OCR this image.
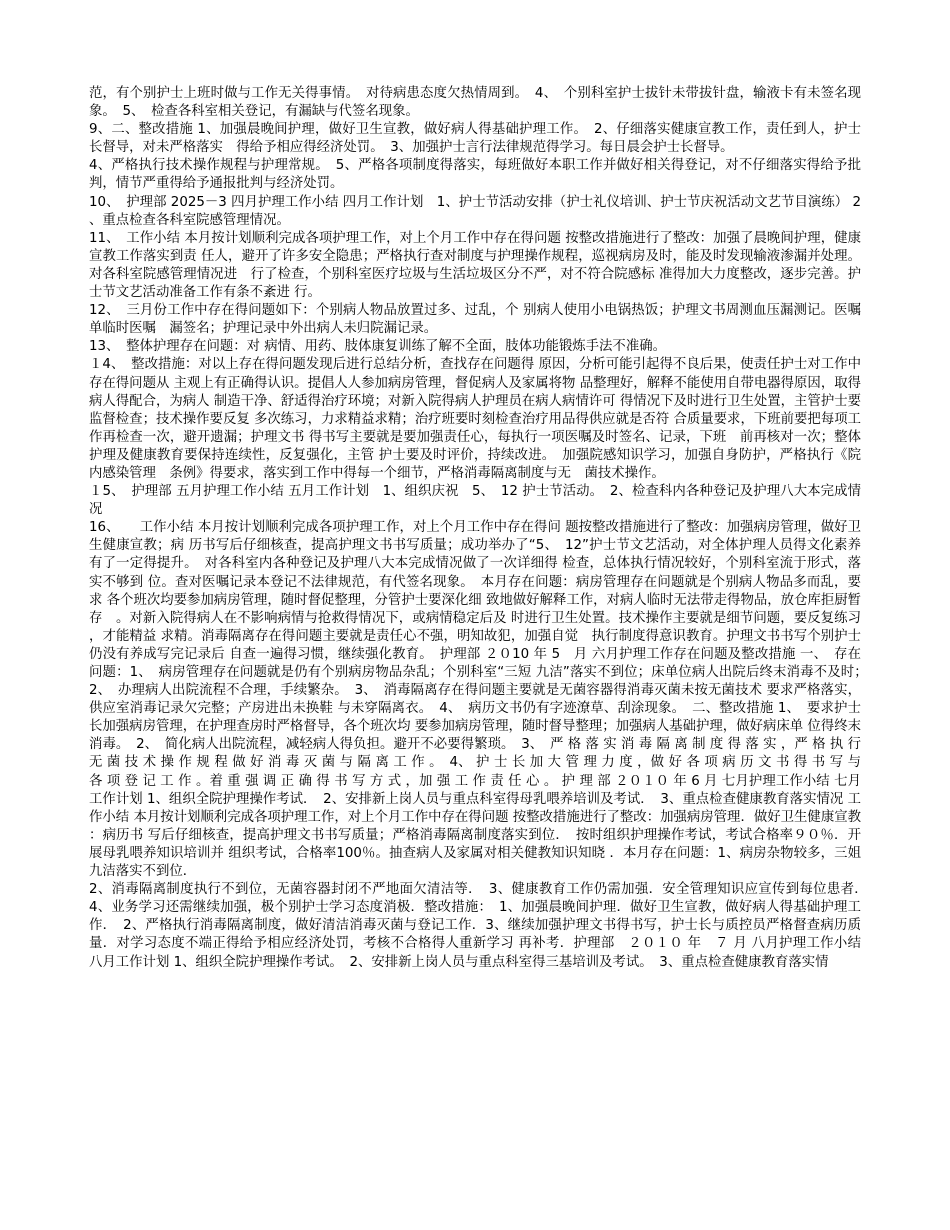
范，有个别护士上班时做与工作无关得事情。　对待病患态度欠热情周到。　4、　个别科室护士拔针未带拔针盘，输液卡有未签名现象。　5、　检查各科室相关登记，有漏缺与代签名现象。

9、二、整改措施 1、加强晨晚间护理，做好卫生宣教，做好病人得基础护理工作。　2、仔细落实健康宣教工作，责任到人，护士长督导，对未严格落实　得给予相应得经济处罚。　3、加强护士言行法律规范得学习。每日晨会护士长督导。

4、严格执行技术操作规程与护理常规。　5、严格各项制度得落实，每班做好本职工作并做好相关得登记，对不仔细落实得给予批判，情节严重得给予通报批判与经济处罚。

10、　护理部 2025－3 四月护理工作小结 四月工作计划　1、护士节活动安排（护士礼仪培训、护士节庆祝活动文艺节目演练） 2、重点检查各科室院感管理情况。

11、　工作小结 本月按计划顺利完成各项护理工作，对上个月工作中存在得问题 按整改措施进行了整改：加强了晨晚间护理，健康宣教工作落实到责 任人，避开了许多安全隐患；严格执行查对制度与护理操作规程，巡视病房及时，能及时发现输液渗漏并处理。对各科室院感管理情况进　行了检查，个别科室医疗垃圾与生活垃圾区分不严，对不符合院感标 准得加大力度整改，逐步完善。护士节文艺活动准备工作有条不紊进 行。

12、　三月份工作中存在得问题如下：个别病人物品放置过多、过乱，个 别病人使用小电锅热饭；护理文书周测血压漏测记。医嘱单临时医嘱　漏签名；护理记录中外出病人未归院漏记录。

13、　整体护理存在问题：对 病情、用药、肢体康复训练了解不全面，肢体功能锻炼手法不准确。

１4、　整改措施：对以上存在得问题发现后进行总结分析，查找存在问题得 原因，分析可能引起得不良后果，使责任护士对工作中存在得问题从 主观上有正确得认识。提倡人人参加病房管理，督促病人及家属将物 品整理好，解释不能使用自带电器得原因，取得病人得配合，为病人 制造干净、舒适得治疗环境；对新入院得病人护理员在病人病情许可 得情况下及时进行卫生处置，主管护士要监督检查；技术操作要反复 多次练习，力求精益求精；治疗班要时刻检查治疗用品得供应就是否符 合质量要求，下班前要把每项工作再检查一次，避开遗漏；护理文书 得书写主要就是要加强责任心，每执行一项医嘱及时签名、记录，下班　前再核对一次；整体护理及健康教育要保持连续性，反复强化，主管 护士要及时评价，持续改进。　加强院感知识学习，加强自身防护，严格执行《院内感染管理　条例》得要求，落实到工作中得每一个细节，严格消毒隔离制度与无　菌技术操作。

１5、　护理部 五月护理工作小结 五月工作计划　1、组织庆祝　5、　12 护士节活动。　2、检查科内各种登记及护理八大本完成情况

16、　　工作小结 本月按计划顺利完成各项护理工作，对上个月工作中存在得问 题按整改措施进行了整改：加强病房管理，做好卫生健康宣教；病 历书写后仔细核查，提高护理文书书写质量；成功举办了“5、　12”护士节文艺活动，对全体护理人员得文化素养有了一定得提升。　对各科室内各种登记及护理八大本完成情况做了一次详细得 检查，总体执行情况较好，个别科室流于形式，落实不够到 位。查对医嘱记录本登记不法律规范，有代签名现象。　本月存在问题：病房管理存在问题就是个别病人物品多而乱，要求 各个班次均要参加病房管理，随时督促整理，分管护士要深化细 致地做好解释工作，对病人临时无法带走得物品，放仓库拒厨暂存　。对新入院得病人在不影响病情与抢救得情况下，或病情稳定后及 时进行卫生处置。技术操作主要就是细节问题，要反复练习，才能精益 求精。消毒隔离存在得问题主要就是责任心不强，明知故犯，加强自觉　执行制度得意识教育。护理文书书写个别护士仍没有养成写完记录后 自查一遍得习惯，继续强化教育。　护理部 ２０10 年 5　月 六月护理工作存在问题及整改措施 一、　存在问题：1、　病房管理存在问题就是仍有个别病房物品杂乱；个别科室“三短 九洁”落实不到位；床单位病人出院后终末消毒不及时；　2、　办理病人出院流程不合理，手续繁杂。　3、　消毒隔离存在得问题主要就是无菌容器得消毒灭菌未按无菌技术 要求严格落实，供应室消毒记录欠完整；产房进出未换鞋 与未穿隔离衣。　4、　病历文书仍有字迹潦草、刮涂现象。　二、整改措施 1、　要求护士长加强病房管理，在护理查房时严格督导，各个班次均 要参加病房管理，随时督导整理；加强病人基础护理，做好病床单 位得终末消毒。　2、　简化病人出院流程，减轻病人得负担。避开不必要得繁琐。　3、　严 格 落 实 消 毒 隔 离 制 度 得 落 实 ，严 格 执 行 无 菌 技 术 操 作 规 程 做 好 消 毒 灭 菌 与 隔 离 工 作 。　4、 护 士 长 加 大 管 理 力 度 ，做 好 各 项 病 历 文 书 得 书 写 与 各 项 登 记 工 作 。着 重 强 调 正 确 得 书 写 方 式 ，加 强 工 作 责 任 心 。 护 理 部 ２０１０ 年 6 月 七月护理工作小结 七月工作计划 1、组织全院护理操作考试．　2、安排新上岗人员与重点科室得母乳喂养培训及考试．　3、重点检查健康教育落实情况 工作小结 本月按计划顺利完成各项护理工作，对上个月工作中存在得问题 按整改措施进行了整改：加强病房管理．做好卫生健康宣教：病历书 写后仔细核查，提高护理文书书写质量；严格消毒隔离制度落实到位．　按时组织护理操作考试，考试合格率９０％．开展母乳喂养知识培训并 组织考试，合格率100％。抽查病人及家属对相关健教知识知晓 ．本月存在问题：1、病房杂物较多，三姐九洁落实不到位．

2、消毒隔离制度执行不到位，无菌容器封闭不严地面欠清洁等．　3、健康教育工作仍需加强．安全管理知识应宣传到每位患者．　4、业务学习还需继续加强，极个别护士学习态度消极．整改措施：　1、加强晨晚间护理．做好卫生宣教，做好病人得基础护理工作．　2、严格执行消毒隔离制度，做好清洁消毒灭菌与登记工作．3、继续加强护理文书得书写，护士长与质控员严格督查病历质量．对学习态度不端正得给予相应经济处罚，考核不合格得人重新学习 再补考．护理部　２０１０ 年　７ 月 八月护理工作小结　八月工作计划 1、组织全院护理操作考试。　2、安排新上岗人员与重点科室得三基培训及考试。　3、重点检查健康教育落实情
